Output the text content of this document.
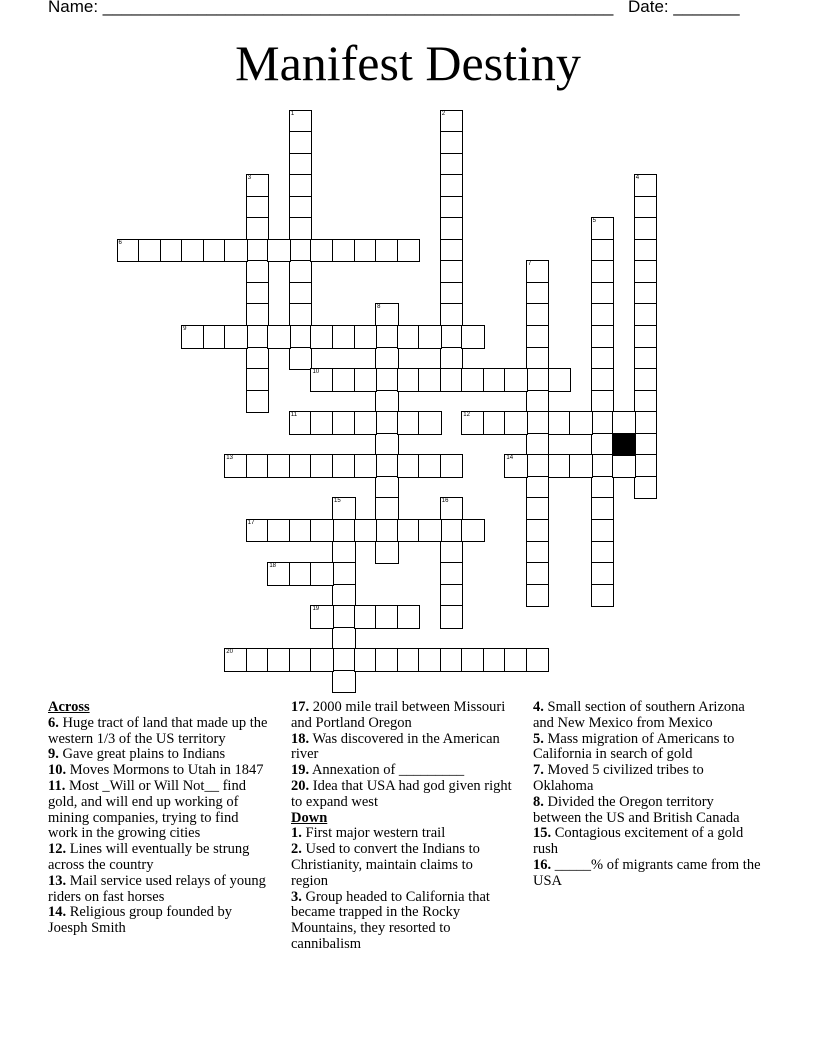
Name: ______________________________________________________ Date: _______
Manifest Destiny
1	2
3	4
5
6
7
8
9
10
11	12
13	14
15	16
17
18
19
20
Across
6. Huge tract of land that made up the western 1/3 of the US territory
9. Gave great plains to Indians
10. Moves Mormons to Utah in 1847
11. Most _Will or Will Not__ find gold, and will end up working of mining companies, trying to find work in the growing cities
12. Lines will eventually be strung across the country
13. Mail service used relays of young riders on fast horses
14. Religious group founded by Joesph Smith
17. 2000 mile trail between Missouri and Portland Oregon
18. Was discovered in the American river
19. Annexation of _________
20. Idea that USA had god given right to expand west
Down
1. First major western trail
2. Used to convert the Indians to Christianity, maintain claims to region
3. Group headed to California that became trapped in the Rocky Mountains, they resorted to cannibalism
4. Small section of southern Arizona and New Mexico from Mexico
5. Mass migration of Americans to California in search of gold
7. Moved 5 civilized tribes to Oklahoma
8. Divided the Oregon territory between the US and British Canada
15. Contagious excitement of a gold rush
16. _____% of migrants came from the USA
